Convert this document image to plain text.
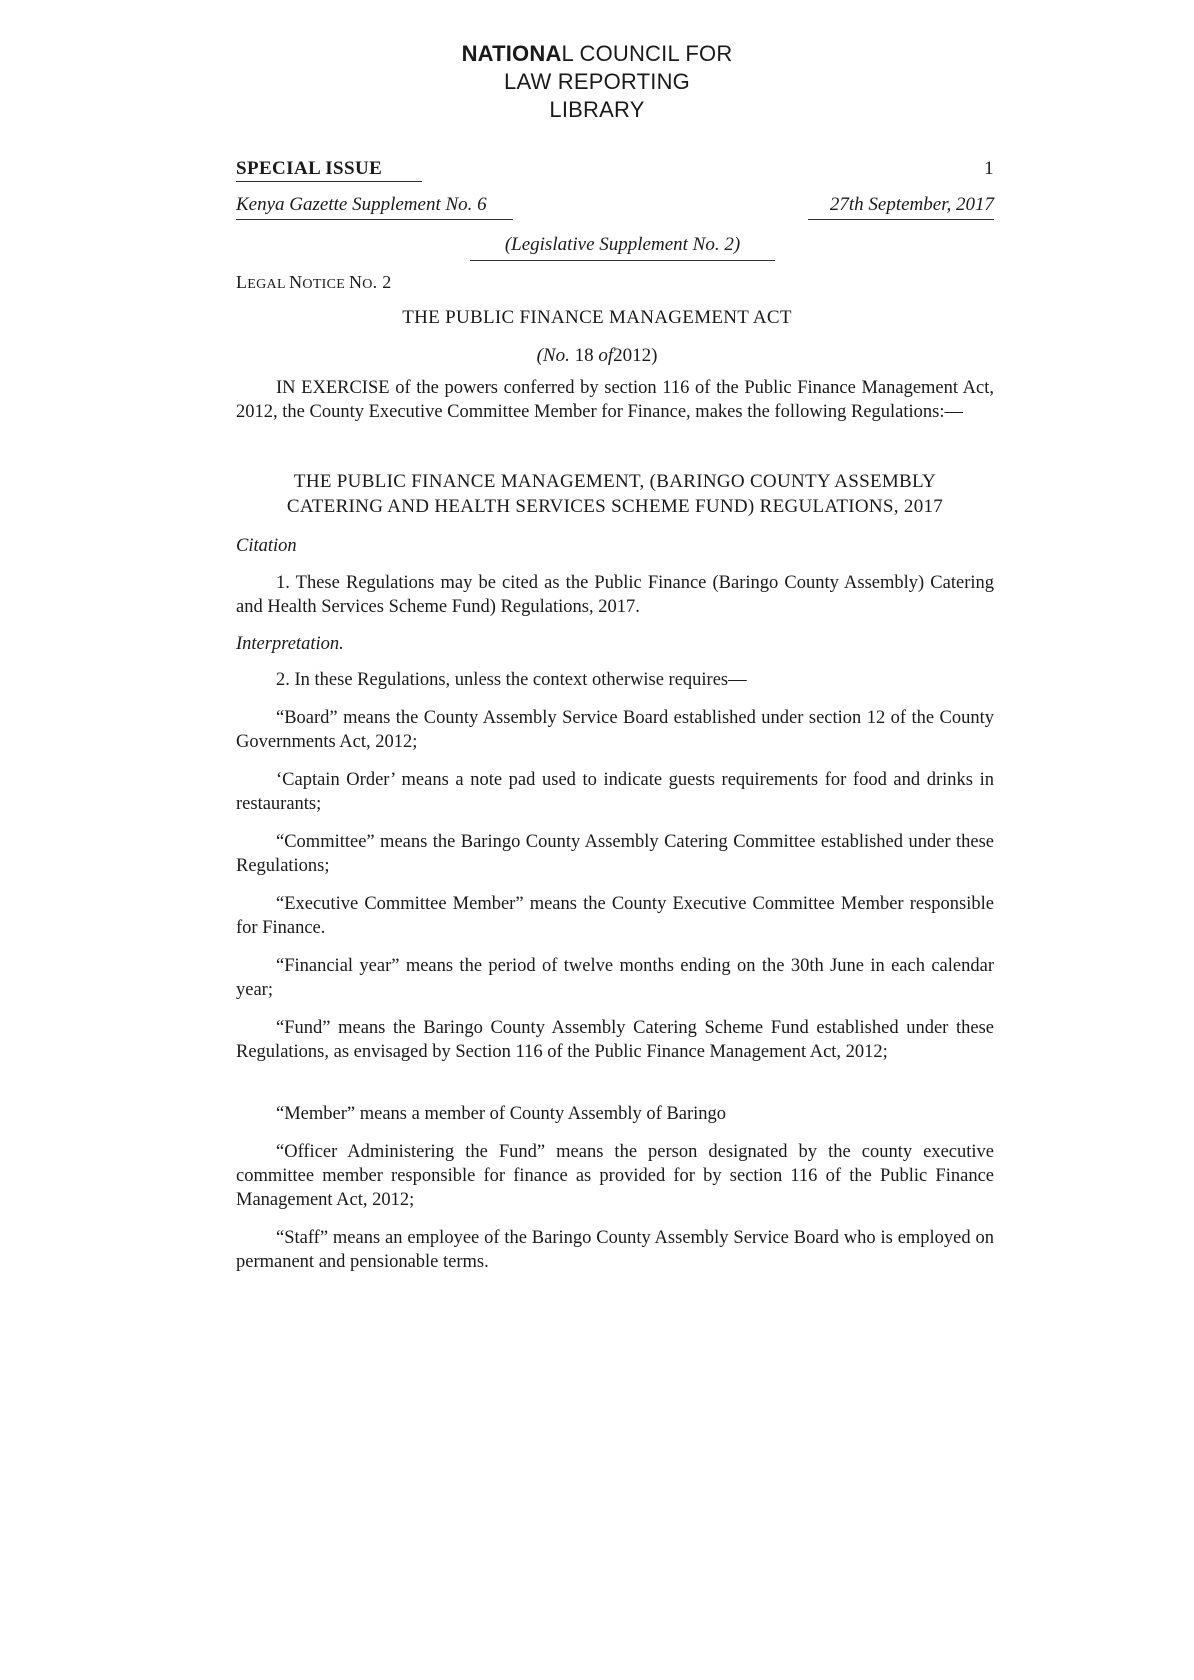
NATIONAL COUNCIL FOR
LAW REPORTING
LIBRARY
SPECIAL ISSUE	1
Kenya Gazette Supplement No. 6	27th September, 2017
(Legislative Supplement No. 2)
LEGAL NOTICE NO. 2
THE PUBLIC FINANCE MANAGEMENT ACT
(No. 18 of2012)
IN EXERCISE of the powers conferred by section 116 of the Public Finance Management Act, 2012, the County Executive Committee Member for Finance, makes the following Regulations:—
THE PUBLIC FINANCE MANAGEMENT, (BARINGO COUNTY ASSEMBLY
CATERING AND HEALTH SERVICES SCHEME FUND) REGULATIONS, 2017
Citation
1. These Regulations may be cited as the Public Finance (Baringo County Assembly) Catering and Health Services Scheme Fund) Regulations, 2017.
Interpretation.
2. In these Regulations, unless the context otherwise requires—
“Board” means the County Assembly Service Board established under section 12 of the County Governments Act, 2012;
‘Captain Order’ means a note pad used to indicate guests requirements for food and drinks in restaurants;
“Committee” means the Baringo County Assembly Catering Committee established under these Regulations;
“Executive Committee Member” means the County Executive Committee Member responsible for Finance.
“Financial year” means the period of twelve months ending on the 30th June in each calendar year;
“Fund” means the Baringo County Assembly Catering Scheme Fund established under these Regulations, as envisaged by Section 116 of the Public Finance Management Act, 2012;
“Member” means a member of County Assembly of Baringo
“Officer Administering the Fund” means the person designated by the county executive committee member responsible for finance as provided for by section 116 of the Public Finance Management Act, 2012;
“Staff” means an employee of the Baringo County Assembly Service Board who is employed on permanent and pensionable terms.
